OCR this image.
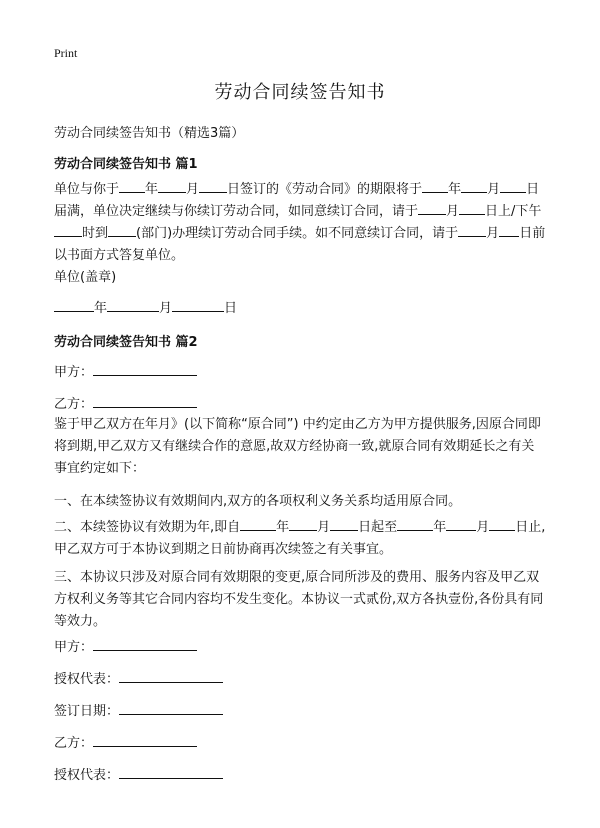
Print
劳动合同续签告知书
劳动合同续签告知书（精选3篇）
劳动合同续签告知书 篇1
单位与你于 年 月 日签订的《劳动合同》的期限将于 年 月 日届满，单位决定继续与你续订劳动合同，如同意续订合同，请于 月 日上/下午时到 (部门)办理续订劳动合同手续。如不同意续订合同，请于 月 日前以书面方式答复单位。
单位(盖章)
年	月	日
劳动合同续签告知书 篇2
甲方：
乙方：
鉴于甲乙双方在年月》(以下简称“原合同”) 中约定由乙方为甲方提供服务,因原合同即将到期,甲乙双方又有继续合作的意愿,故双方经协商一致,就原合同有效期延长之有关事宜约定如下：
一、在本续签协议有效期间内,双方的各项权利义务关系均适用原合同。
二、本续签协议有效期为年,即自	年 月 日起至	年 月 日止,甲乙双方可于本协议到期之日前协商再次续签之有关事宜。
三、本协议只涉及对原合同有效期限的变更,原合同所涉及的费用、服务内容及甲乙双方权利义务等其它合同内容均不发生变化。本协议一式贰份,双方各执壹份,各份具有同等效力。
甲方：
授权代表：
签订日期：
乙方：
授权代表：
